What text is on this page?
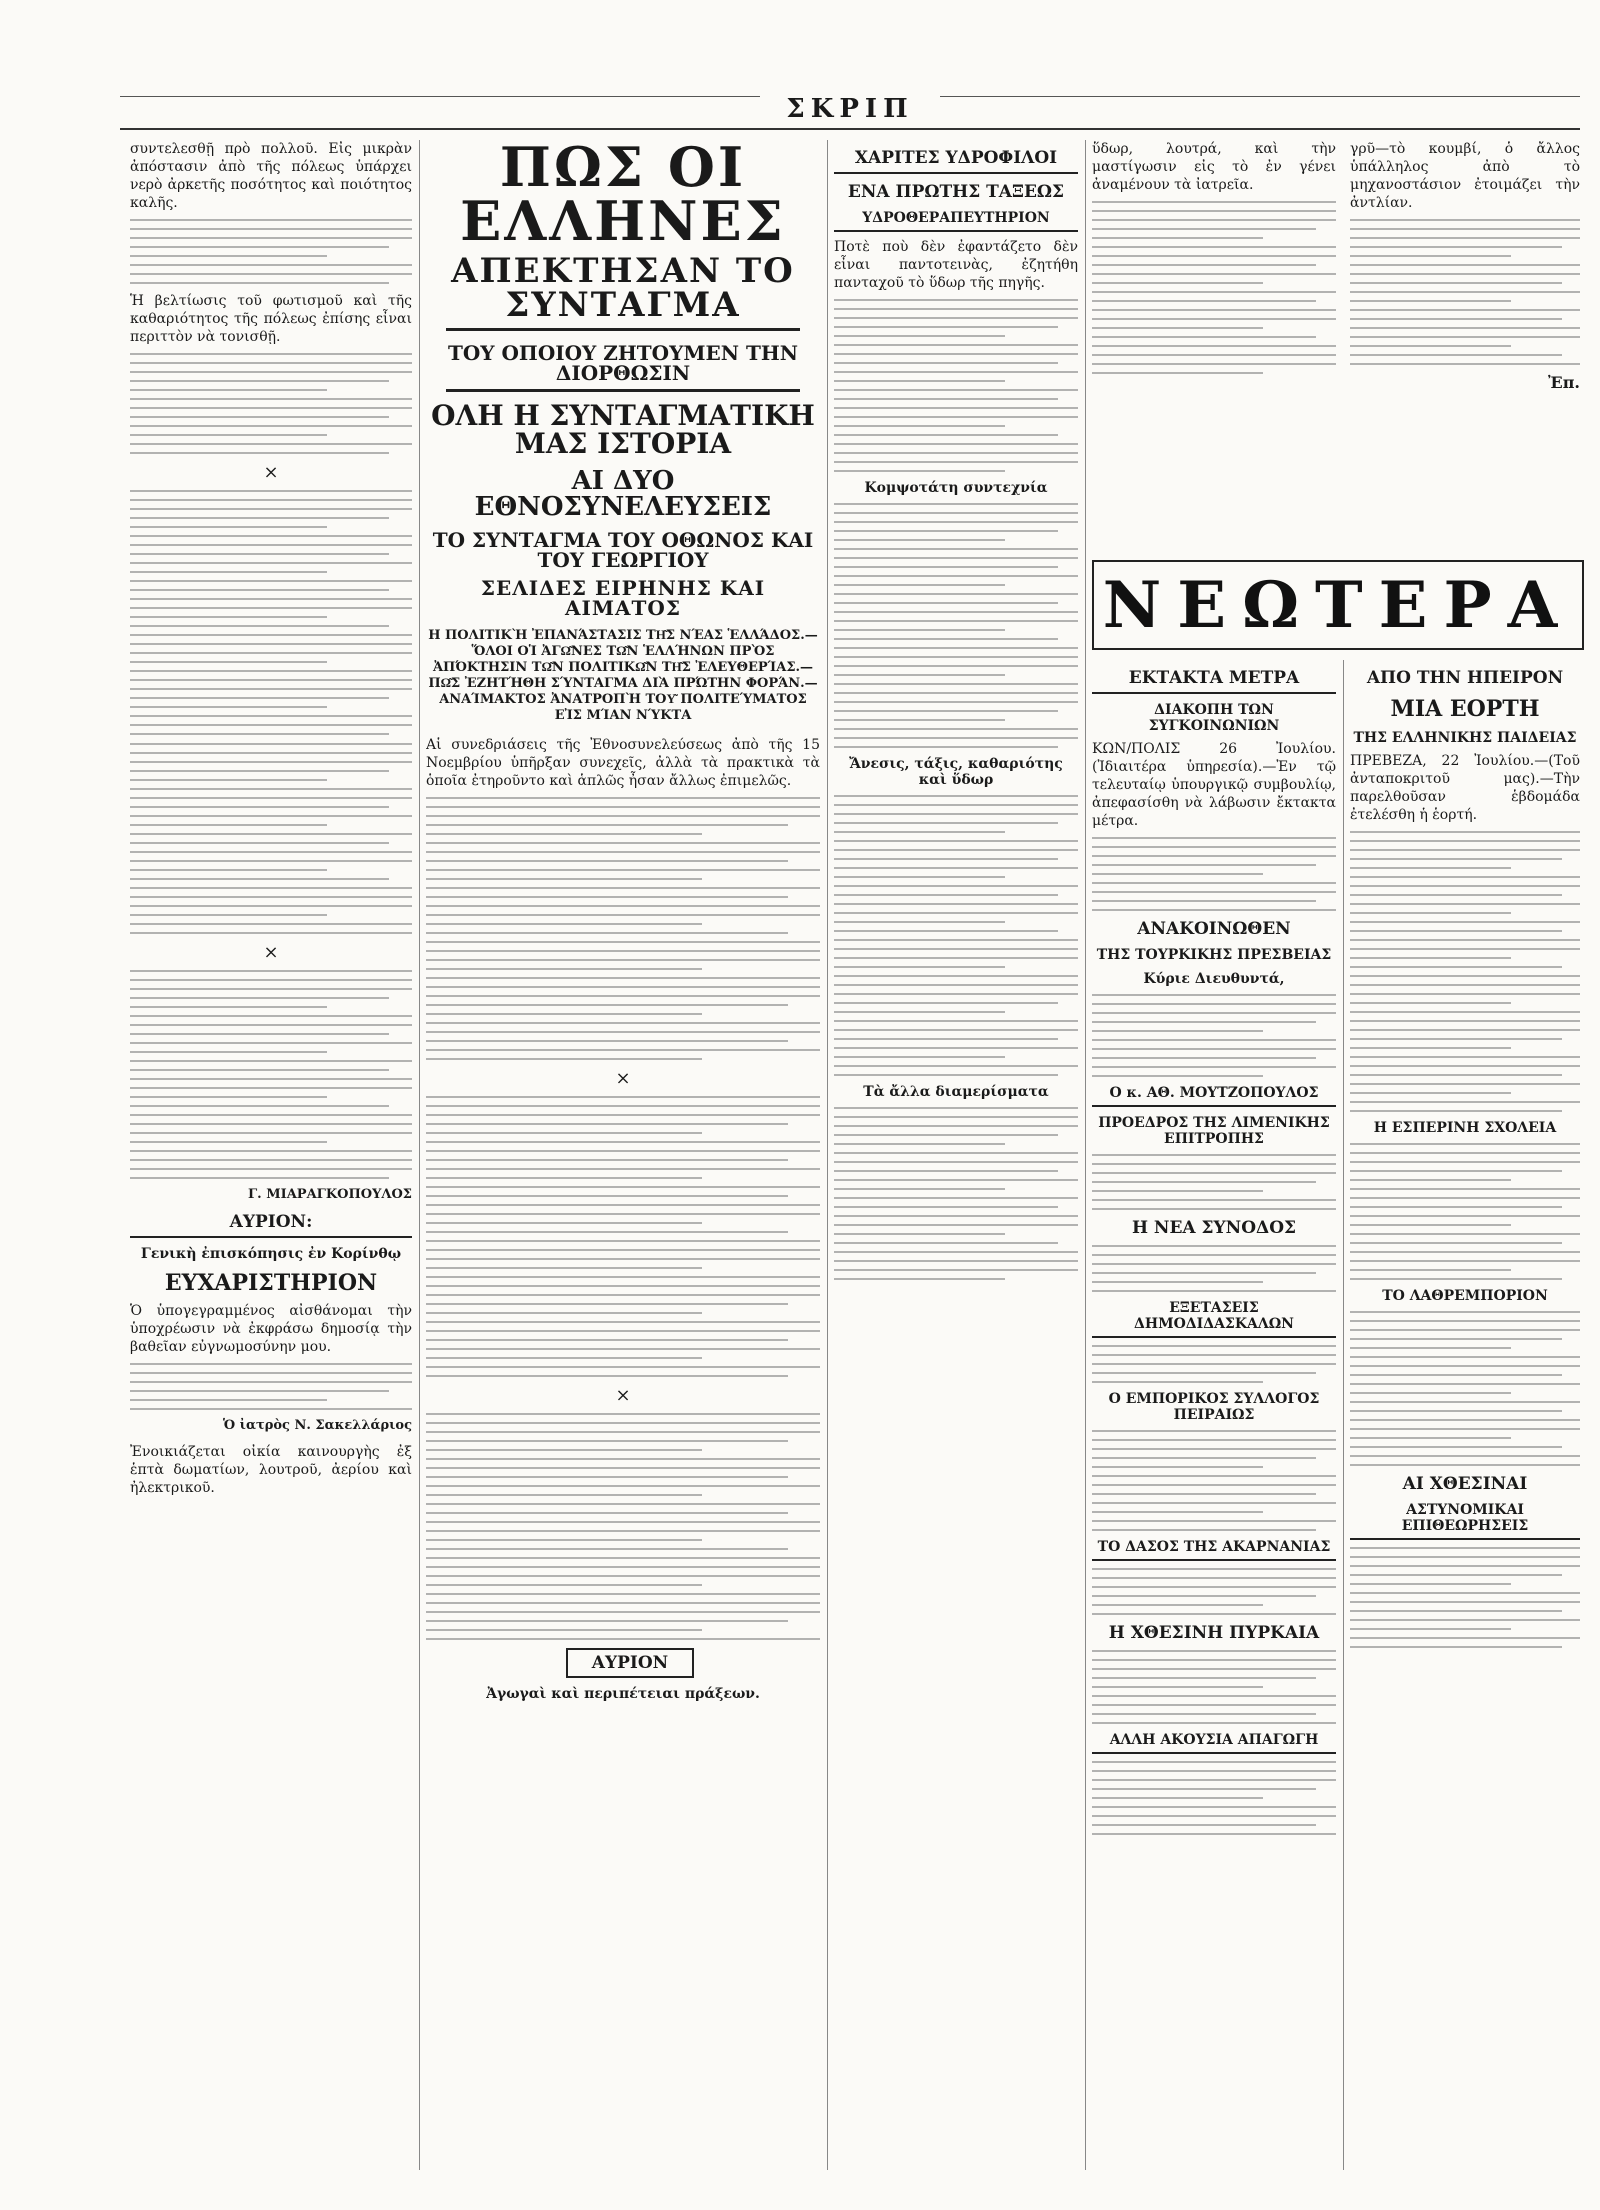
ΣΚΡΙΠ

συντελεσθῇ πρὸ πολλοῦ. Εἰς μικρὰν ἀπόστασιν ἀπὸ τῆς πόλεως ὑπάρχει νερὸ ἀρκετῆς ποσότητος καὶ ποιότητος καλῆς.

Ἡ βελτίωσις τοῦ φωτισμοῦ καὶ τῆς καθαριότητος τῆς πόλεως ἐπίσης εἶναι περιττὸν νὰ τονισθῇ.

×
×
Γ. ΜΙΑΡΑΓΚΟΠΟΥΛΟΣ
ΑΥΡΙΟΝ:
Γενικὴ ἐπισκόπησις ἐν Κορίνθῳ
ΕΥΧΑΡΙΣΤΗΡΙΟΝ

Ὁ ὑπογεγραμμένος αἰσθάνομαι τὴν ὑποχρέωσιν νὰ ἐκφράσω δημοσίᾳ τὴν βαθεῖαν εὐγνωμοσύνην μου.

Ὁ ἰατρὸς Ν. Σακελλάριος

Ἐνοικιάζεται οἰκία καινουργὴς ἐξ ἑπτὰ δωματίων, λουτροῦ, ἀερίου καὶ ἠλεκτρικοῦ.

ΠΩΣ ΟΙ ΕΛΛΗΝΕΣ
ΑΠΕΚΤΗΣΑΝ ΤΟ ΣΥΝΤΑΓΜΑ
ΤΟΥ ΟΠΟΙΟΥ ΖΗΤΟΥΜΕΝ ΤΗΝ ΔΙΟΡΘΩΣΙΝ
ΟΛΗ Η ΣΥΝΤΑΓΜΑΤΙΚΗ ΜΑΣ ΙΣΤΟΡΙΑ
ΑΙ ΔΥΟ ΕΘΝΟΣΥΝΕΛΕΥΣΕΙΣ
ΤΟ ΣΥΝΤΑΓΜΑ ΤΟΥ ΟΘΩΝΟΣ ΚΑΙ ΤΟΥ ΓΕΩΡΓΙΟΥ
ΣΕΛΙΔΕΣ ΕΙΡΗΝΗΣ ΚΑΙ ΑΙΜΑΤΟΣ
Η ΠΟΛΙΤΙΚῊ ἘΠΑΝΆΣΤΑΣΙΣ ΤΗ͂Σ ΝΈΑΣ ἙΛΛΆΔΟΣ.—ὍΛΟΙ ΟἹ ἈΓΩ͂ΝΕΣ ΤΩ͂Ν ἙΛΛΉΝΩΝ ΠΡῸΣ ἈΠΌΚΤΗΣΙΝ ΤΩ͂Ν ΠΟΛΙΤΙΚΩ͂Ν ΤΗ͂Σ ἘΛΕΥΘΕΡΊΑΣ.—ΠΩ͂Σ ἘΖΗΤΉΘΗ ΣΎΝΤΑΓΜΑ ΔΙᾺ ΠΡΏΤΗΝ ΦΟΡΆΝ.—ΑΝΑΊΜΑΚΤΟΣ ἈΝΑΤΡΟΠῊ ΤΟΥ͂ ΠΟΛΙΤΕΎΜΑΤΟΣ ΕἸΣ ΜΊΑΝ ΝΎΚΤΑ

Αἱ συνεδριάσεις τῆς Ἐθνοσυνελεύσεως ἀπὸ τῆς 15 Νοεμβρίου ὑπῆρξαν συνεχεῖς, ἀλλὰ τὰ πρακτικὰ τὰ ὁποῖα ἐτηροῦντο καὶ ἁπλῶς ἦσαν ἄλλως ἐπιμελῶς.

×
×
ΑΥΡΙΟΝ
Ἀγωγαὶ καὶ περιπέτειαι πράξεων.
ΧΑΡΙΤΕΣ ΥΔΡΟΦΙΛΟΙ
ΕΝΑ ΠΡΩΤΗΣ ΤΑΞΕΩΣ
ΥΔΡΟΘΕΡΑΠΕΥΤΗΡΙΟΝ

Ποτὲ ποὺ δὲν ἐφαντάζετο δὲν εἶναι παντοτεινὰς, ἐζητήθη πανταχοῦ τὸ ὕδωρ τῆς πηγῆς.

Κομψοτάτη συντεχνία
Ἄνεσις, τάξις, καθαριότης καὶ ὕδωρ
Τὰ ἄλλα διαμερίσματα

ὕδωρ, λουτρά, καὶ τὴν μαστίγωσιν εἰς τὸ ἐν γένει ἀναμένουν τὰ ἰατρεῖα.

γρῦ—τὸ κουμβί, ὁ ἄλλος ὑπάλληλος ἀπὸ τὸ μηχανοστάσιον ἐτοιμάζει τὴν ἀντλίαν.

Ἐπ.
ΝΕΩΤΕΡΑ
ΕΚΤΑΚΤΑ ΜΕΤΡΑ
ΔΙΑΚΟΠΗ ΤΩΝ ΣΥΓΚΟΙΝΩΝΙΩΝ

ΚΩΝ/ΠΟΛΙΣ 26 Ἰουλίου. (Ἰδιαιτέρα ὑπηρεσία).—Ἐν τῷ τελευταίῳ ὑπουργικῷ συμβουλίῳ, ἀπεφασίσθη νὰ λάβωσιν ἔκτακτα μέτρα.

ΑΝΑΚΟΙΝΩΘΕΝ
ΤΗΣ ΤΟΥΡΚΙΚΗΣ ΠΡΕΣΒΕΙΑΣ
Κύριε Διευθυντά,
Ο κ. ΑΘ. ΜΟΥΤΖΟΠΟΥΛΟΣ
ΠΡΟΕΔΡΟΣ ΤΗΣ ΛΙΜΕΝΙΚΗΣ ΕΠΙΤΡΟΠΗΣ
Η ΝΕΑ ΣΥΝΟΔΟΣ
ΕΞΕΤΑΣΕΙΣ ΔΗΜΟΔΙΔΑΣΚΑΛΩΝ
Ο ΕΜΠΟΡΙΚΟΣ ΣΥΛΛΟΓΟΣ ΠΕΙΡΑΙΩΣ
ΤΟ ΔΑΣΟΣ ΤΗΣ ΑΚΑΡΝΑΝΙΑΣ
Η ΧΘΕΣΙΝΗ ΠΥΡΚΑΙΑ
ΑΛΛΗ ΑΚΟΥΣΙΑ ΑΠΑΓΩΓΗ
ΑΠΟ ΤΗΝ ΗΠΕΙΡΟΝ
ΜΙΑ ΕΟΡΤΗ
ΤΗΣ ΕΛΛΗΝΙΚΗΣ ΠΑΙΔΕΙΑΣ

ΠΡΕΒΕΖΑ, 22 Ἰουλίου.—(Τοῦ ἀνταποκριτοῦ μας).—Τὴν παρελθοῦσαν ἑβδομάδα ἐτελέσθη ἡ ἑορτή.

Η ΕΣΠΕΡΙΝΗ ΣΧΟΛΕΙΑ
ΤΟ ΛΑΘΡΕΜΠΟΡΙΟΝ
ΑΙ ΧΘΕΣΙΝΑΙ
ΑΣΤΥΝΟΜΙΚΑΙ ΕΠΙΘΕΩΡΗΣΕΙΣ
